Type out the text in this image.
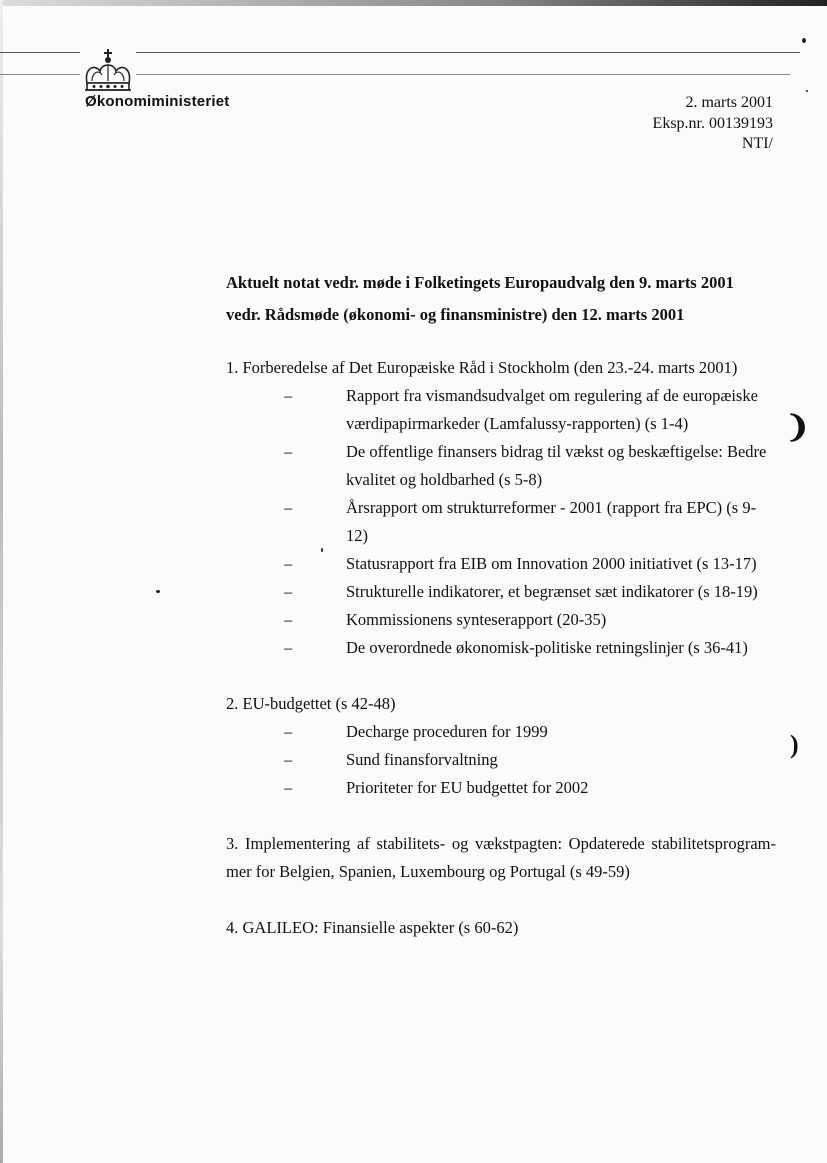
Økonomiministeriet	2. marts 2001
Eksp.nr. 00139193
NTI/
Aktuelt notat vedr. møde i Folketingets Europaudvalg den 9. marts 2001
vedr. Rådsmøde (økonomi- og finansministre) den 12. marts 2001
1. Forberedelse af Det Europæiske Råd i Stockholm (den 23.-24. marts 2001)
–	Rapport fra vismandsudvalget om regulering af de europæiske
værdipapirmarkeder (Lamfalussy-rapporten) (s 1-4)
–	De offentlige finansers bidrag til vækst og beskæftigelse: Bedre
kvalitet og holdbarhed (s 5-8)
–	Årsrapport om strukturreformer - 2001 (rapport fra EPC) (s 9-
12)
–	Statusrapport fra EIB om Innovation 2000 initiativet (s 13-17)
–	Strukturelle indikatorer, et begrænset sæt indikatorer (s 18-19)
–	Kommissionens synteserapport (20-35)
–	De overordnede økonomisk-politiske retningslinjer (s 36-41)
2. EU-budgettet (s 42-48)
–	Decharge proceduren for 1999
–	Sund finansforvaltning
–	Prioriteter for EU budgettet for 2002
3. Implementering af stabilitets- og vækstpagten: Opdaterede stabilitetsprogram-
mer for Belgien, Spanien, Luxembourg og Portugal (s 49-59)
4. GALILEO: Finansielle aspekter (s 60-62)
❩
)
